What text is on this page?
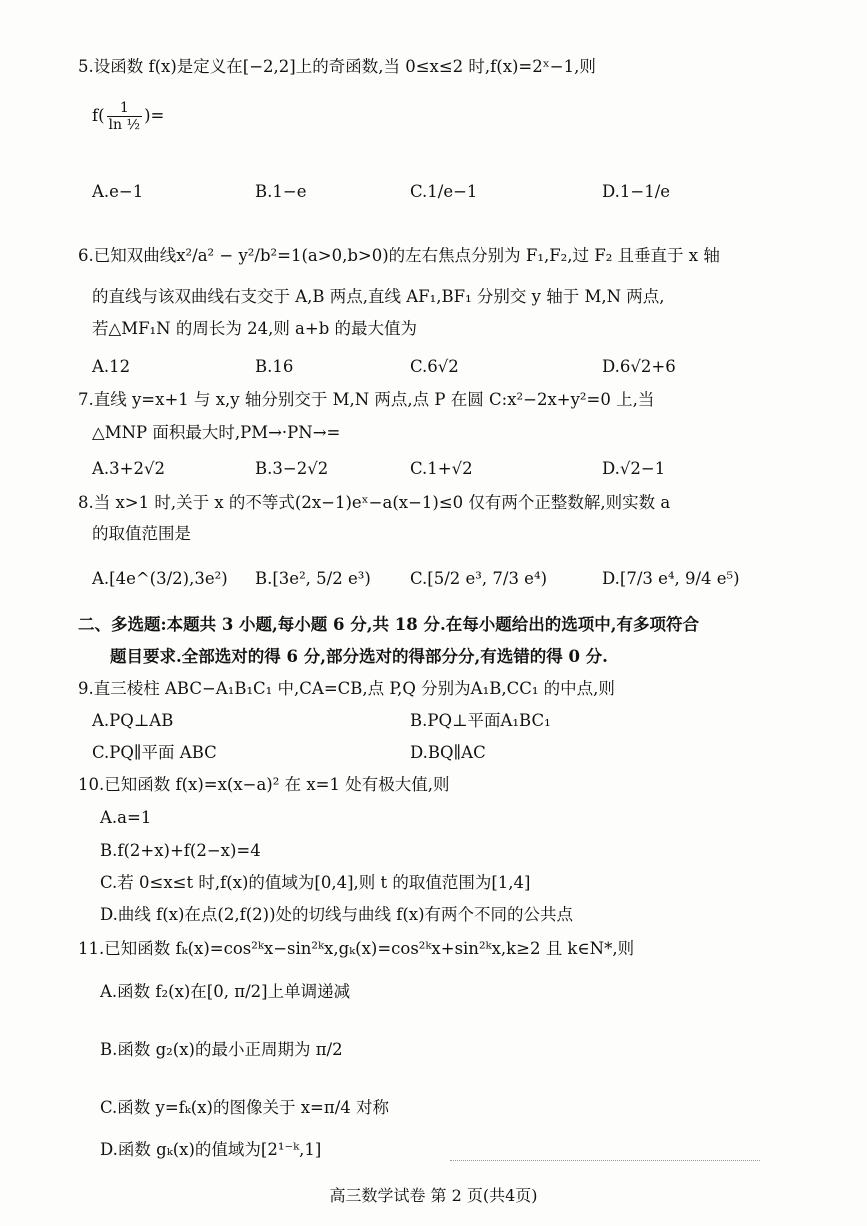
5.设函数 f(x)是定义在[−2,2]上的奇函数,当 0≤x≤2 时,f(x)=2ˣ−1,则
$f( \frac{1}{\text{ln ½}}$ )=
A.e−1	B.1−e	C.1/e−1	D.1−1/e
6.已知双曲线x²/a² − y²/b²=1(a>0,b>0)的左右焦点分别为 F₁,F₂,过 F₂ 且垂直于 x 轴
的直线与该双曲线右支交于 A,B 两点,直线 AF₁,BF₁ 分别交 y 轴于 M,N 两点,
若△MF₁N 的周长为 24,则 a+b 的最大值为
A.12	B.16	C.6√2	D.6√2+6
7.直线 y=x+1 与 x,y 轴分别交于 M,N 两点,点 P 在圆 C:x²−2x+y²=0 上,当
△MNP 面积最大时,PM→·PN→=
A.3+2√2	B.3−2√2	C.1+√2	D.√2−1
8.当 x>1 时,关于 x 的不等式(2x−1)eˣ−a(x−1)≤0 仅有两个正整数解,则实数 a
的取值范围是
A.[4e^(3/2),3e²) B.[3e², 5/2 e³) C.[5/2 e³, 7/3 e⁴)	D.[7/3 e⁴, 9/4 e⁵)
二、多选题:本题共 3 小题,每小题 6 分,共 18 分.在每小题给出的选项中,有多项符合
题目要求.全部选对的得 6 分,部分选对的得部分分,有选错的得 0 分.
9.直三棱柱 ABC−A₁B₁C₁ 中,CA=CB,点 P,Q 分别为A₁B,CC₁ 的中点,则
A.PQ⊥AB	B.PQ⊥平面A₁BC₁
C.PQ∥平面 ABC	D.BQ∥AC
10.已知函数 f(x)=x(x−a)² 在 x=1 处有极大值,则
A.a=1
B.f(2+x)+f(2−x)=4
C.若 0≤x≤t 时,f(x)的值域为[0,4],则 t 的取值范围为[1,4]
D.曲线 f(x)在点(2,f(2))处的切线与曲线 f(x)有两个不同的公共点
11.已知函数 fₖ(x)=cos²ᵏx−sin²ᵏx,gₖ(x)=cos²ᵏx+sin²ᵏx,k≥2 且 k∈N*,则
A.函数 f₂(x)在[0, π/2]上单调递减
B.函数 g₂(x)的最小正周期为 π/2
C.函数 y=fₖ(x)的图像关于 x=π/4 对称
D.函数 gₖ(x)的值域为[2¹⁻ᵏ,1]
高三数学试卷 第 2 页(共4页)
